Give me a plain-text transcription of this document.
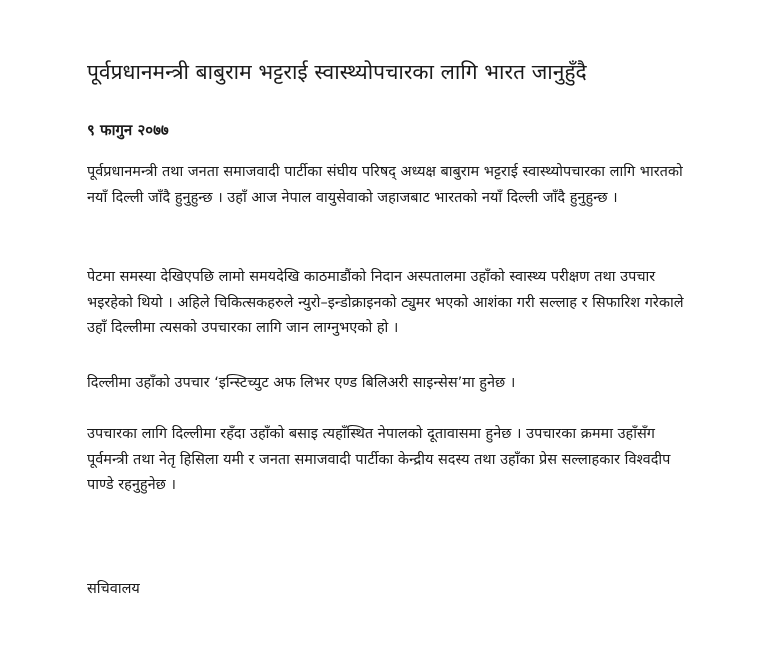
पूर्वप्रधानमन्त्री बाबुराम भट्टराई स्वास्थ्योपचारका लागि भारत जानुहुँदै
९ फागुन २०७७

पूर्वप्रधानमन्त्री तथा जनता समाजवादी पार्टीका संघीय परिषद् अध्यक्ष बाबुराम भट्टराई स्वास्थ्योपचारका लागि भारतको नयाँ दिल्ली जाँदै हुनुहुन्छ । उहाँ आज नेपाल वायुसेवाको जहाजबाट भारतको नयाँ दिल्ली जाँदै हुनुहुन्छ ।

पेटमा समस्या देखिएपछि लामो समयदेखि काठमाडौंको निदान अस्पतालमा उहाँको स्वास्थ्य परीक्षण तथा उपचार भइरहेको थियो । अहिले चिकित्सकहरुले न्युरो–इन्डोक्राइनको ट्युमर भएको आशंका गरी सल्लाह र सिफारिश गरेकाले उहाँ दिल्लीमा त्यसको उपचारका लागि जान लाग्नुभएको हो ।

दिल्लीमा उहाँको उपचार ‘इन्स्टिच्युट अफ लिभर एण्ड बिलिअरी साइन्सेस’मा हुनेछ ।

उपचारका लागि दिल्लीमा रहँदा उहाँको बसाइ त्यहाँस्थित नेपालको दूतावासमा हुनेछ । उपचारका क्रममा उहाँसँग पूर्वमन्त्री तथा नेतृ हिसिला यमी र जनता समाजवादी पार्टीका केन्द्रीय सदस्य तथा उहाँका प्रेस सल्लाहकार विश्वदीप पाण्डे रहनुहुनेछ ।

सचिवालय
